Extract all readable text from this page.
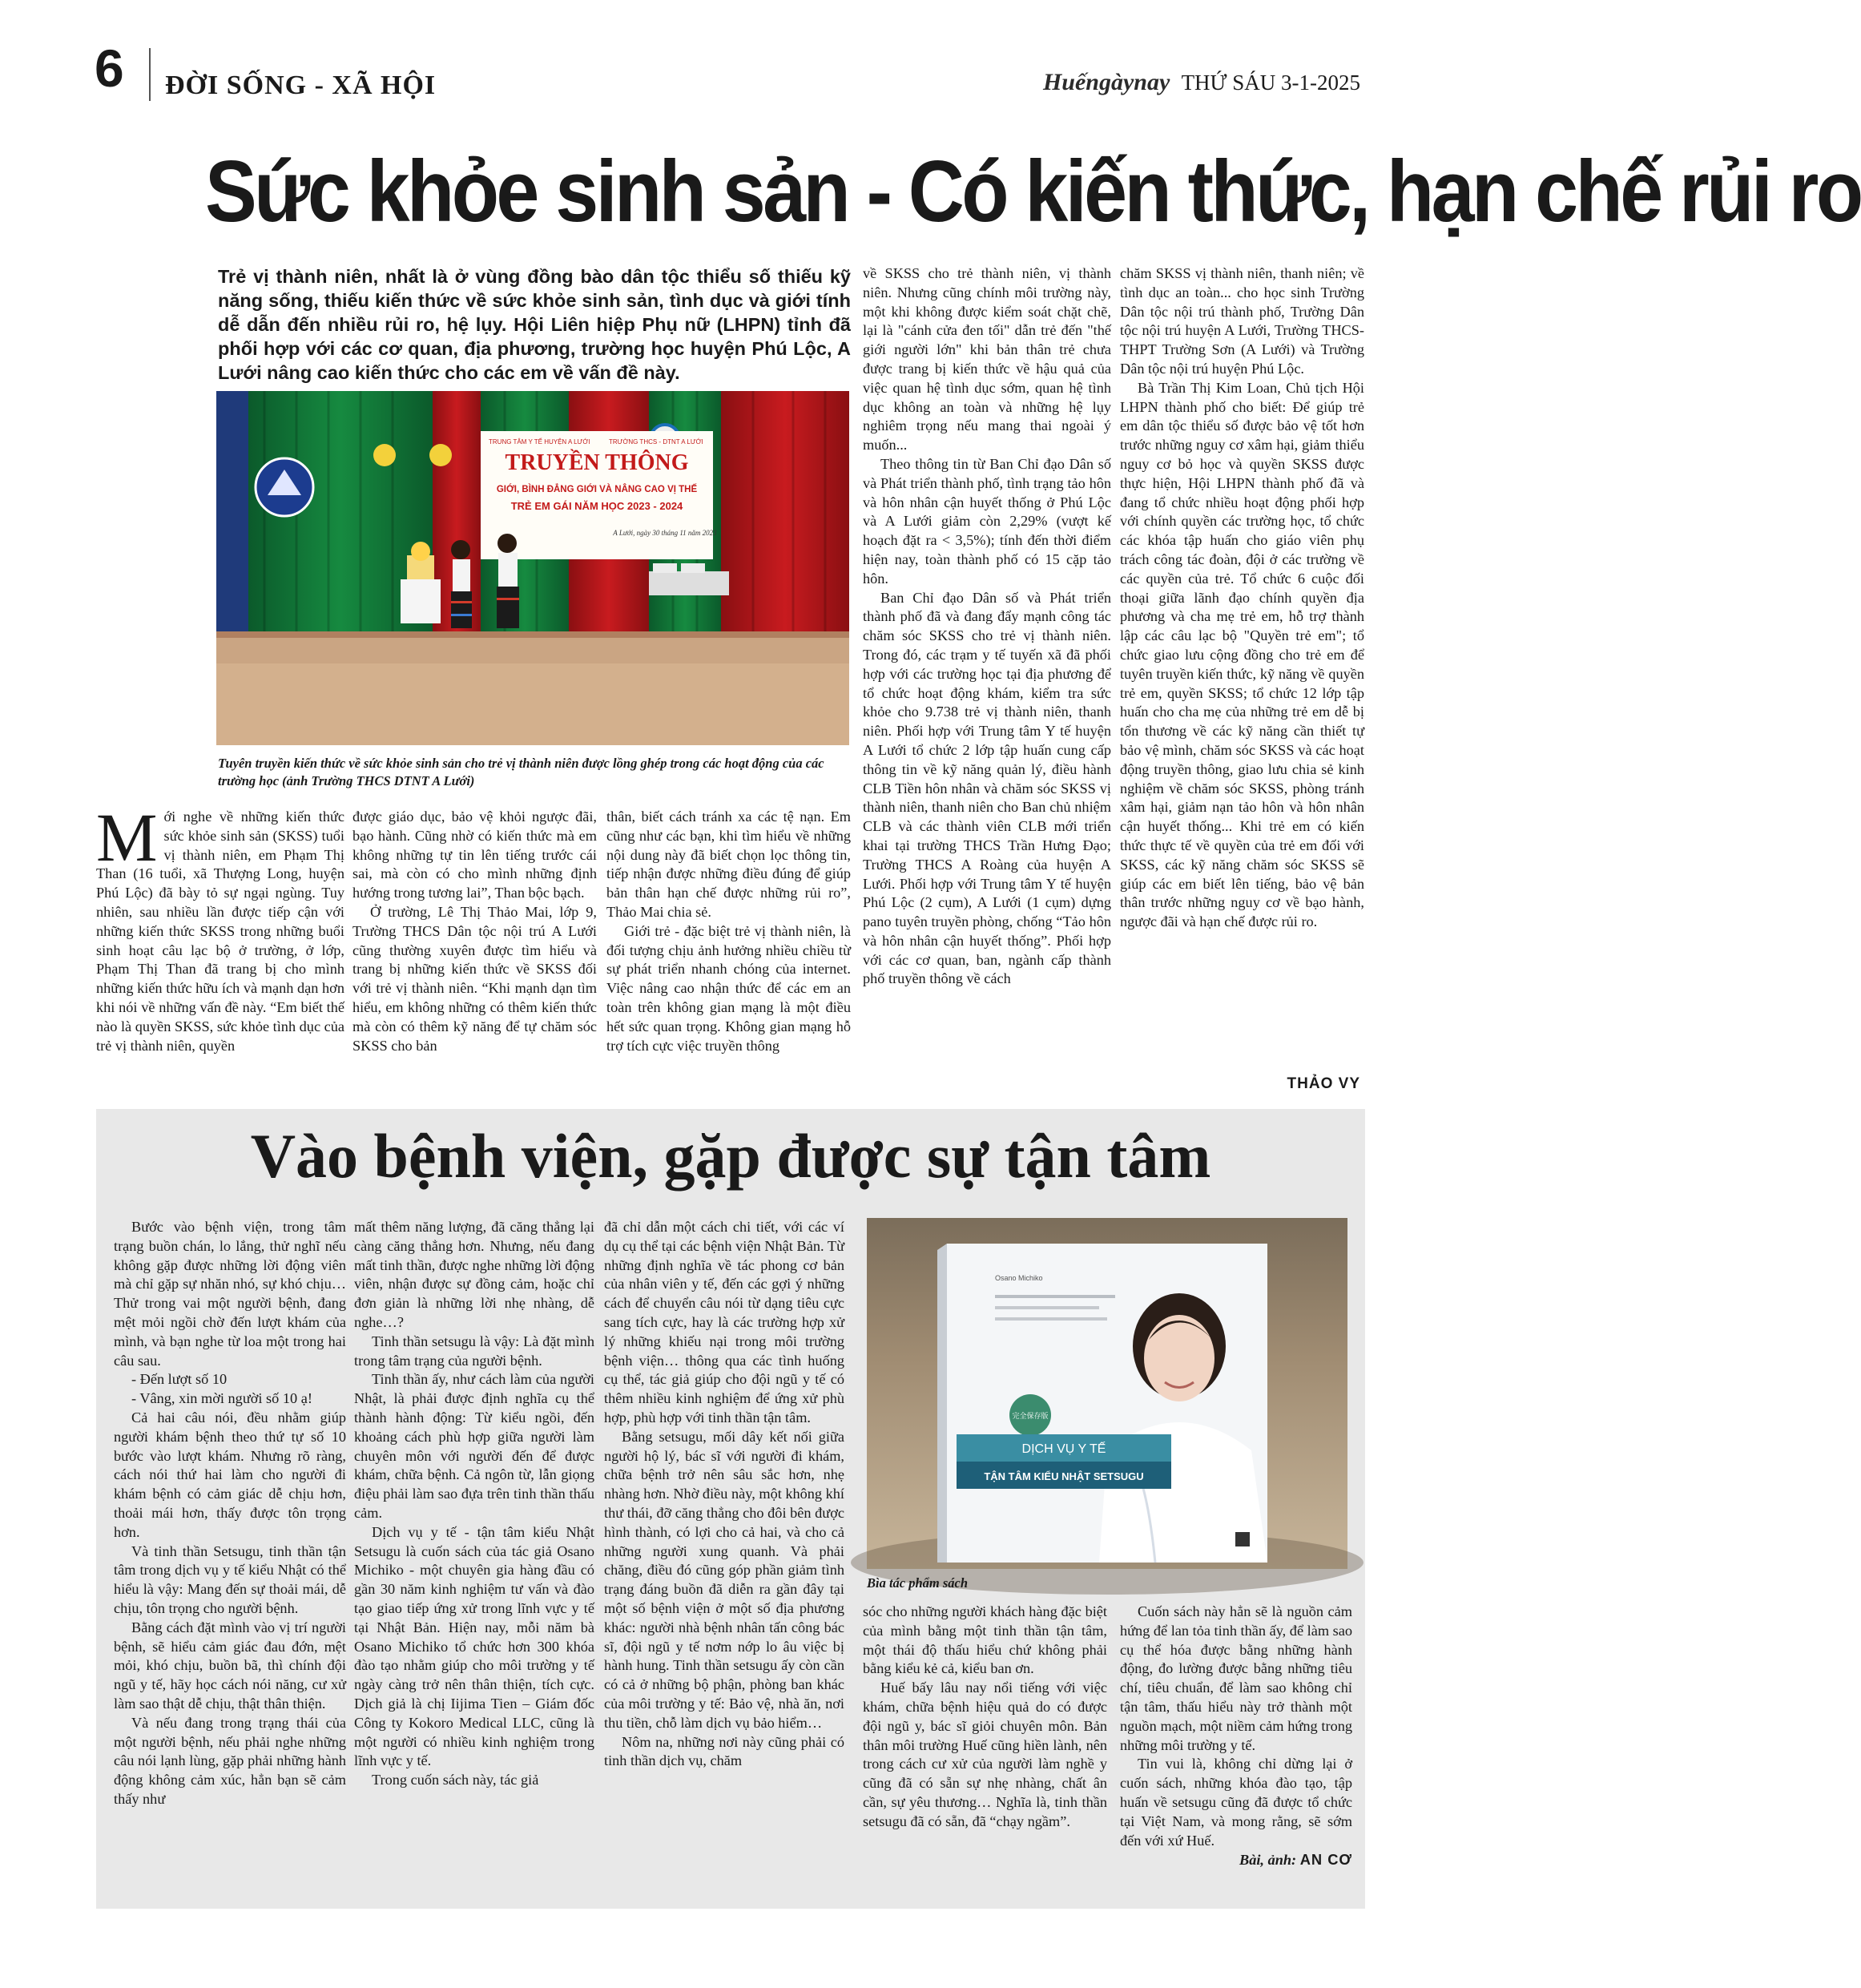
6 ĐỜI SỐNG - XÃ HỘI	Huếngàynay THỨ SÁU 3-1-2025
Sức khỏe sinh sản - Có kiến thức, hạn chế rủi ro
Trẻ vị thành niên, nhất là ở vùng đồng bào dân tộc thiểu số thiếu kỹ năng sống, thiếu kiến thức về sức khỏe sinh sản, tình dục và giới tính dễ dẫn đến nhiều rủi ro, hệ lụy. Hội Liên hiệp Phụ nữ (LHPN) tỉnh đã phối hợp với các cơ quan, địa phương, trường học huyện Phú Lộc, A Lưới nâng cao kiến thức cho các em về vấn đề này.
TRUNG TÂM Y TẾ HUYỆN A LƯỚI	TRƯỜNG THCS - DTNT A LƯỚI
TRUYỀN THÔNG
GIỚI, BÌNH ĐẲNG GIỚI VÀ NÂNG CAO VỊ THẾ
TRẺ EM GÁI NĂM HỌC 2023 - 2024
A Lưới, ngày 30 tháng 11 năm 2023
Tuyên truyền kiến thức về sức khỏe sinh sản cho trẻ vị thành niên được lồng ghép trong các hoạt động của các trường học (ảnh Trường THCS DTNT A Lưới)

Mới nghe về những kiến thức sức khỏe sinh sản (SKSS) tuổi vị thành niên, em Phạm Thị Than (16 tuổi, xã Thượng Long, huyện Phú Lộc) đã bày tỏ sự ngại ngùng. Tuy nhiên, sau nhiều lần được tiếp cận với những kiến thức SKSS trong những buổi sinh hoạt câu lạc bộ ở trường, ở lớp, Phạm Thị Than đã trang bị cho mình những kiến thức hữu ích và mạnh dạn hơn khi nói về những vấn đề này. “Em biết thế nào là quyền SKSS, sức khỏe tình dục của trẻ vị thành niên, quyền

được giáo dục, bảo vệ khỏi ngược đãi, bạo hành. Cũng nhờ có kiến thức mà em không những tự tin lên tiếng trước cái sai, mà còn có cho mình những định hướng trong tương lai”, Than bộc bạch.

Ở trường, Lê Thị Thảo Mai, lớp 9, Trường THCS Dân tộc nội trú A Lưới cũng thường xuyên được tìm hiểu và trang bị những kiến thức về SKSS đối với trẻ vị thành niên. “Khi mạnh dạn tìm hiểu, em không những có thêm kiến thức mà còn có thêm kỹ năng để tự chăm sóc SKSS cho bản

thân, biết cách tránh xa các tệ nạn. Em cũng như các bạn, khi tìm hiểu về những nội dung này đã biết chọn lọc thông tin, tiếp nhận được những điều đúng để giúp bản thân hạn chế được những rủi ro”, Thảo Mai chia sẻ.

Giới trẻ - đặc biệt trẻ vị thành niên, là đối tượng chịu ảnh hưởng nhiều chiều từ sự phát triển nhanh chóng của internet. Việc nâng cao nhận thức để các em an toàn trên không gian mạng là một điều hết sức quan trọng. Không gian mạng hỗ trợ tích cực việc truyền thông

về SKSS cho trẻ thành niên, vị thành niên. Nhưng cũng chính môi trường này, một khi không được kiểm soát chặt chẽ, lại là "cánh cửa đen tối" dẫn trẻ đến "thế giới người lớn" khi bản thân trẻ chưa được trang bị kiến thức về hậu quả của việc quan hệ tình dục sớm, quan hệ tình dục không an toàn và những hệ lụy nghiêm trọng nếu mang thai ngoài ý muốn...

Theo thông tin từ Ban Chỉ đạo Dân số và Phát triển thành phố, tình trạng tảo hôn và hôn nhân cận huyết thống ở Phú Lộc và A Lưới giảm còn 2,29% (vượt kế hoạch đặt ra < 3,5%); tính đến thời điểm hiện nay, toàn thành phố có 15 cặp tảo hôn.

Ban Chỉ đạo Dân số và Phát triển thành phố đã và đang đẩy mạnh công tác chăm sóc SKSS cho trẻ vị thành niên. Trong đó, các trạm y tế tuyến xã đã phối hợp với các trường học tại địa phương để tổ chức hoạt động khám, kiểm tra sức khỏe cho 9.738 trẻ vị thành niên, thanh niên. Phối hợp với Trung tâm Y tế huyện A Lưới tổ chức 2 lớp tập huấn cung cấp thông tin về kỹ năng quản lý, điều hành CLB Tiền hôn nhân và chăm sóc SKSS vị thành niên, thanh niên cho Ban chủ nhiệm CLB và các thành viên CLB mới triển khai tại trường THCS Trần Hưng Đạo; Trường THCS A Roàng của huyện A Lưới. Phối hợp với Trung tâm Y tế huyện Phú Lộc (2 cụm), A Lưới (1 cụm) dựng pano tuyên truyền phòng, chống “Tảo hôn và hôn nhân cận huyết thống”. Phối hợp với các cơ quan, ban, ngành cấp thành phố truyền thông về cách

chăm SKSS vị thành niên, thanh niên; về tình dục an toàn... cho học sinh Trường Dân tộc nội trú thành phố, Trường Dân tộc nội trú huyện A Lưới, Trường THCS-THPT Trường Sơn (A Lưới) và Trường Dân tộc nội trú huyện Phú Lộc.

Bà Trần Thị Kim Loan, Chủ tịch Hội LHPN thành phố cho biết: Để giúp trẻ em dân tộc thiểu số được bảo vệ tốt hơn trước những nguy cơ xâm hại, giảm thiểu nguy cơ bỏ học và quyền SKSS được thực hiện, Hội LHPN thành phố đã và đang tổ chức nhiều hoạt động phối hợp với chính quyền các trường học, tổ chức các khóa tập huấn cho giáo viên phụ trách công tác đoàn, đội ở các trường về các quyền của trẻ. Tổ chức 6 cuộc đối thoại giữa lãnh đạo chính quyền địa phương và cha mẹ trẻ em, hỗ trợ thành lập các câu lạc bộ "Quyền trẻ em"; tổ chức giao lưu cộng đồng cho trẻ em để tuyên truyền kiến thức, kỹ năng về quyền trẻ em, quyền SKSS; tổ chức 12 lớp tập huấn cho cha mẹ của những trẻ em dễ bị tổn thương về các kỹ năng cần thiết tự bảo vệ mình, chăm sóc SKSS và các hoạt động truyền thông, giao lưu chia sẻ kinh nghiệm về chăm sóc SKSS, phòng tránh xâm hại, giảm nạn tảo hôn và hôn nhân cận huyết thống... Khi trẻ em có kiến thức thực tế về quyền của trẻ em đối với SKSS, các kỹ năng chăm sóc SKSS sẽ giúp các em biết lên tiếng, bảo vệ bản thân trước những nguy cơ về bạo hành, ngược đãi và hạn chế được rủi ro.

THẢO VY
Vào bệnh viện, gặp được sự tận tâm

Bước vào bệnh viện, trong tâm trạng buồn chán, lo lắng, thử nghĩ nếu không gặp được những lời động viên mà chỉ gặp sự nhăn nhó, sự khó chịu… Thử trong vai một người bệnh, đang mệt mỏi ngồi chờ đến lượt khám của mình, và bạn nghe từ loa một trong hai câu sau.

- Đến lượt số 10

- Vâng, xin mời người số 10 ạ!

Cả hai câu nói, đều nhằm giúp người khám bệnh theo thứ tự số 10 bước vào lượt khám. Nhưng rõ ràng, cách nói thứ hai làm cho người đi khám bệnh có cảm giác dễ chịu hơn, thoải mái hơn, thấy được tôn trọng hơn.

Và tinh thần Setsugu, tinh thần tận tâm trong dịch vụ y tế kiểu Nhật có thể hiểu là vậy: Mang đến sự thoải mái, dễ chịu, tôn trọng cho người bệnh.

Bằng cách đặt mình vào vị trí người bệnh, sẽ hiểu cảm giác đau đớn, mệt mỏi, khó chịu, buồn bã, thì chính đội ngũ y tế, hãy học cách nói năng, cư xử làm sao thật dễ chịu, thật thân thiện.

Và nếu đang trong trạng thái của một người bệnh, nếu phải nghe những câu nói lạnh lùng, gặp phải những hành động không cảm xúc, hẳn bạn sẽ cảm thấy như

mất thêm năng lượng, đã căng thẳng lại càng căng thẳng hơn. Nhưng, nếu đang mất tinh thần, được nghe những lời động viên, nhận được sự đồng cảm, hoặc chỉ đơn giản là những lời nhẹ nhàng, dễ nghe…?

Tinh thần setsugu là vậy: Là đặt mình trong tâm trạng của người bệnh.

Tinh thần ấy, như cách làm của người Nhật, là phải được định nghĩa cụ thể thành hành động: Từ kiểu ngồi, đến khoảng cách phù hợp giữa người làm chuyên môn với người đến để được khám, chữa bệnh. Cả ngôn từ, lẫn giọng điệu phải làm sao đựa trên tinh thần thấu cảm.

Dịch vụ y tế - tận tâm kiểu Nhật Setsugu là cuốn sách của tác giả Osano Michiko - một chuyên gia hàng đầu có gần 30 năm kinh nghiệm tư vấn và đào tạo giao tiếp ứng xử trong lĩnh vực y tế tại Nhật Bản. Hiện nay, mỗi năm bà Osano Michiko tổ chức hơn 300 khóa đào tạo nhằm giúp cho môi trường y tế ngày càng trở nên thân thiện, tích cực. Dịch giả là chị Iijima Tien – Giám đốc Công ty Kokoro Medical LLC, cũng là một người có nhiều kinh nghiệm trong lĩnh vực y tế.

Trong cuốn sách này, tác giả

đã chỉ dẫn một cách chi tiết, với các ví dụ cụ thể tại các bệnh viện Nhật Bản. Từ những định nghĩa về tác phong cơ bản của nhân viên y tế, đến các gợi ý những cách để chuyển câu nói từ dạng tiêu cực sang tích cực, hay là các trường hợp xử lý những khiếu nại trong môi trường bệnh viện… thông qua các tình huống cụ thể, tác giả giúp cho đội ngũ y tế có thêm nhiều kinh nghiệm để ứng xử phù hợp, phù hợp với tinh thần tận tâm.

Bằng setsugu, mối dây kết nối giữa người hộ lý, bác sĩ với người đi khám, chữa bệnh trở nên sâu sắc hơn, nhẹ nhàng hơn. Nhờ điều này, một không khí thư thái, đỡ căng thẳng cho đôi bên được hình thành, có lợi cho cả hai, và cho cả những người xung quanh. Và phải chăng, điều đó cũng góp phần giảm tình trạng đáng buồn đã diễn ra gần đây tại một số bệnh viện ở một số địa phương khác: người nhà bệnh nhân tấn công bác sĩ, đội ngũ y tế nơm nớp lo âu việc bị hành hung. Tinh thần setsugu ấy còn cần có cả ở những bộ phận, phòng ban khác của môi trường y tế: Bảo vệ, nhà ăn, nơi thu tiền, chỗ làm dịch vụ bảo hiểm…

Nôm na, những nơi này cũng phải có tinh thần dịch vụ, chăm

Osano Michiko
完全保存版
DỊCH VỤ Y TẾ
TẬN TÂM KIỂU NHẬT SETSUGU
Bìa tác phẩm sách

sóc cho những người khách hàng đặc biệt của mình bằng một tinh thần tận tâm, một thái độ thấu hiểu chứ không phải bằng kiểu kẻ cả, kiểu ban ơn.

Huế bấy lâu nay nổi tiếng với việc khám, chữa bệnh hiệu quả do có được đội ngũ y, bác sĩ giỏi chuyên môn. Bản thân môi trường Huế cũng hiền lành, nên trong cách cư xử của người làm nghề y cũng đã có sẵn sự nhẹ nhàng, chất ân cần, sự yêu thương… Nghĩa là, tinh thần setsugu đã có sẵn, đã “chạy ngầm”.

Cuốn sách này hẳn sẽ là nguồn cảm hứng để lan tỏa tinh thần ấy, để làm sao cụ thể hóa được bằng những hành động, đo lường được bằng những tiêu chí, tiêu chuẩn, để làm sao không chỉ tận tâm, thấu hiểu này trở thành một nguồn mạch, một niềm cảm hứng trong những môi trường y tế.

Tin vui là, không chỉ dừng lại ở cuốn sách, những khóa đào tạo, tập huấn về setsugu cũng đã được tổ chức tại Việt Nam, và mong rằng, sẽ sớm đến với xứ Huế.

Bài, ảnh: AN CƠ
